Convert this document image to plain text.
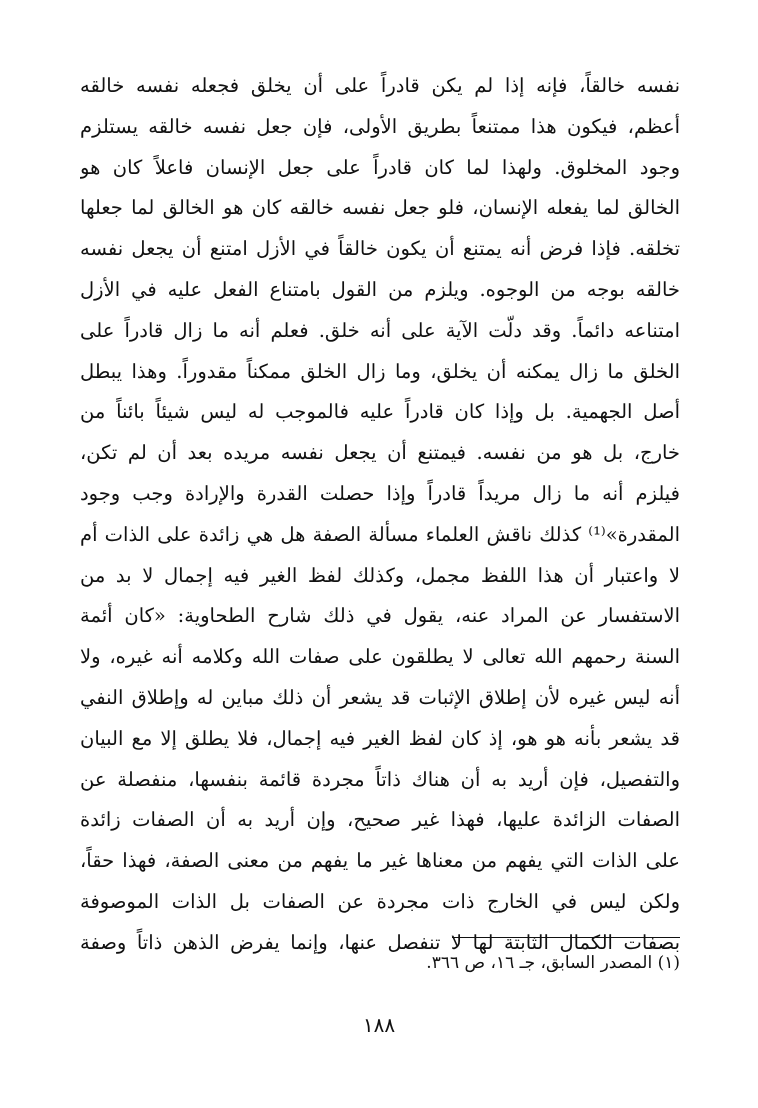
نفسه خالقاً، فإنه إذا لم يكن قادراً على أن يخلق فجعله نفسه خالقه
أعظم، فيكون هذا ممتنعاً بطريق الأولى، فإن جعل نفسه خالقه يستلزم
وجود المخلوق. ولهذا لما كان قادراً على جعل الإنسان فاعلاً كان هو
الخالق لما يفعله الإنسان، فلو جعل نفسه خالقه كان هو الخالق لما جعلها
تخلقه. فإذا فرض أنه يمتنع أن يكون خالقاً في الأزل امتنع أن يجعل نفسه
خالقه بوجه من الوجوه. ويلزم من القول بامتناع الفعل عليه في الأزل
امتناعه دائماً. وقد دلّت الآية على أنه خلق. فعلم أنه ما زال قادراً على
الخلق ما زال يمكنه أن يخلق، وما زال الخلق ممكناً مقدوراً. وهذا يبطل
أصل الجهمية. بل وإذا كان قادراً عليه فالموجب له ليس شيئاً بائناً من
خارج، بل هو من نفسه. فيمتنع أن يجعل نفسه مريده بعد أن لم تكن،
فيلزم أنه ما زال مريداً قادراً وإذا حصلت القدرة والإرادة وجب وجود
المقدرة»⁽¹⁾ كذلك ناقش العلماء مسألة الصفة هل هي زائدة على الذات أم
لا واعتبار أن هذا اللفظ مجمل، وكذلك لفظ الغير فيه إجمال لا بد من
الاستفسار عن المراد عنه، يقول في ذلك شارح الطحاوية: «كان أئمة
السنة رحمهم الله تعالى لا يطلقون على صفات الله وكلامه أنه غيره، ولا
أنه ليس غيره لأن إطلاق الإثبات قد يشعر أن ذلك مباين له وإطلاق النفي
قد يشعر بأنه هو هو، إذ كان لفظ الغير فيه إجمال، فلا يطلق إلا مع البيان
والتفصيل، فإن أريد به أن هناك ذاتاً مجردة قائمة بنفسها، منفصلة عن
الصفات الزائدة عليها، فهذا غير صحيح، وإن أريد به أن الصفات زائدة
على الذات التي يفهم من معناها غير ما يفهم من معنى الصفة، فهذا حقاً،
ولكن ليس في الخارج ذات مجردة عن الصفات بل الذات الموصوفة
بصفات الكمال الثابتة لها لا تنفصل عنها، وإنما يفرض الذهن ذاتاً وصفة
(١) المصدر السابق، جـ ١٦، ص ٣٦٦.
١٨٨
